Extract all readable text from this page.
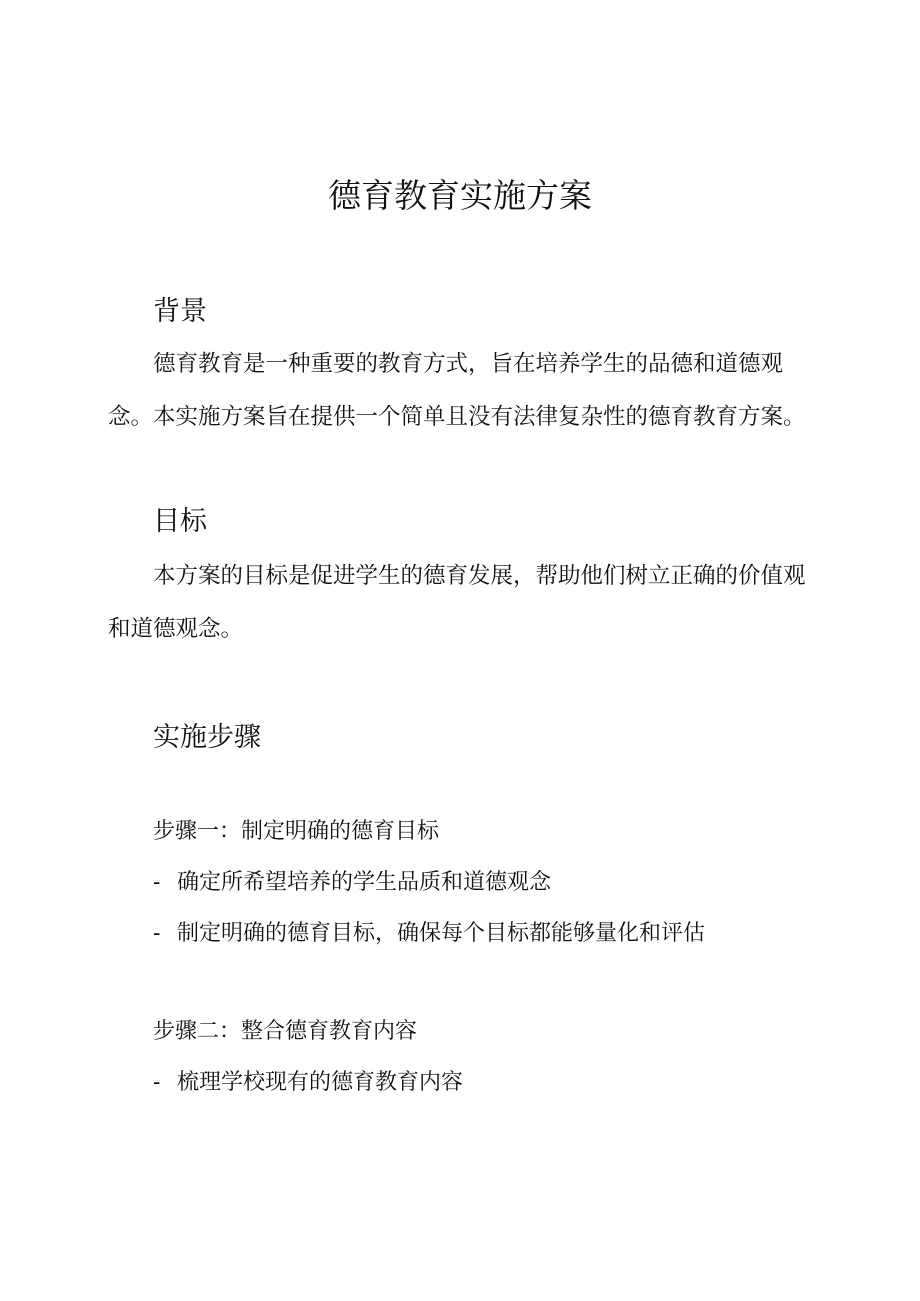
德育教育实施方案
背景

德育教育是一种重要的教育方式，旨在培养学生的品德和道德观念。本实施方案旨在提供一个简单且没有法律复杂性的德育教育方案。

目标

本方案的目标是促进学生的德育发展，帮助他们树立正确的价值观和道德观念。

实施步骤
步骤一：制定明确的德育目标

- 确定所希望培养的学生品质和道德观念

- 制定明确的德育目标，确保每个目标都能够量化和评估

步骤二：整合德育教育内容

- 梳理学校现有的德育教育内容
